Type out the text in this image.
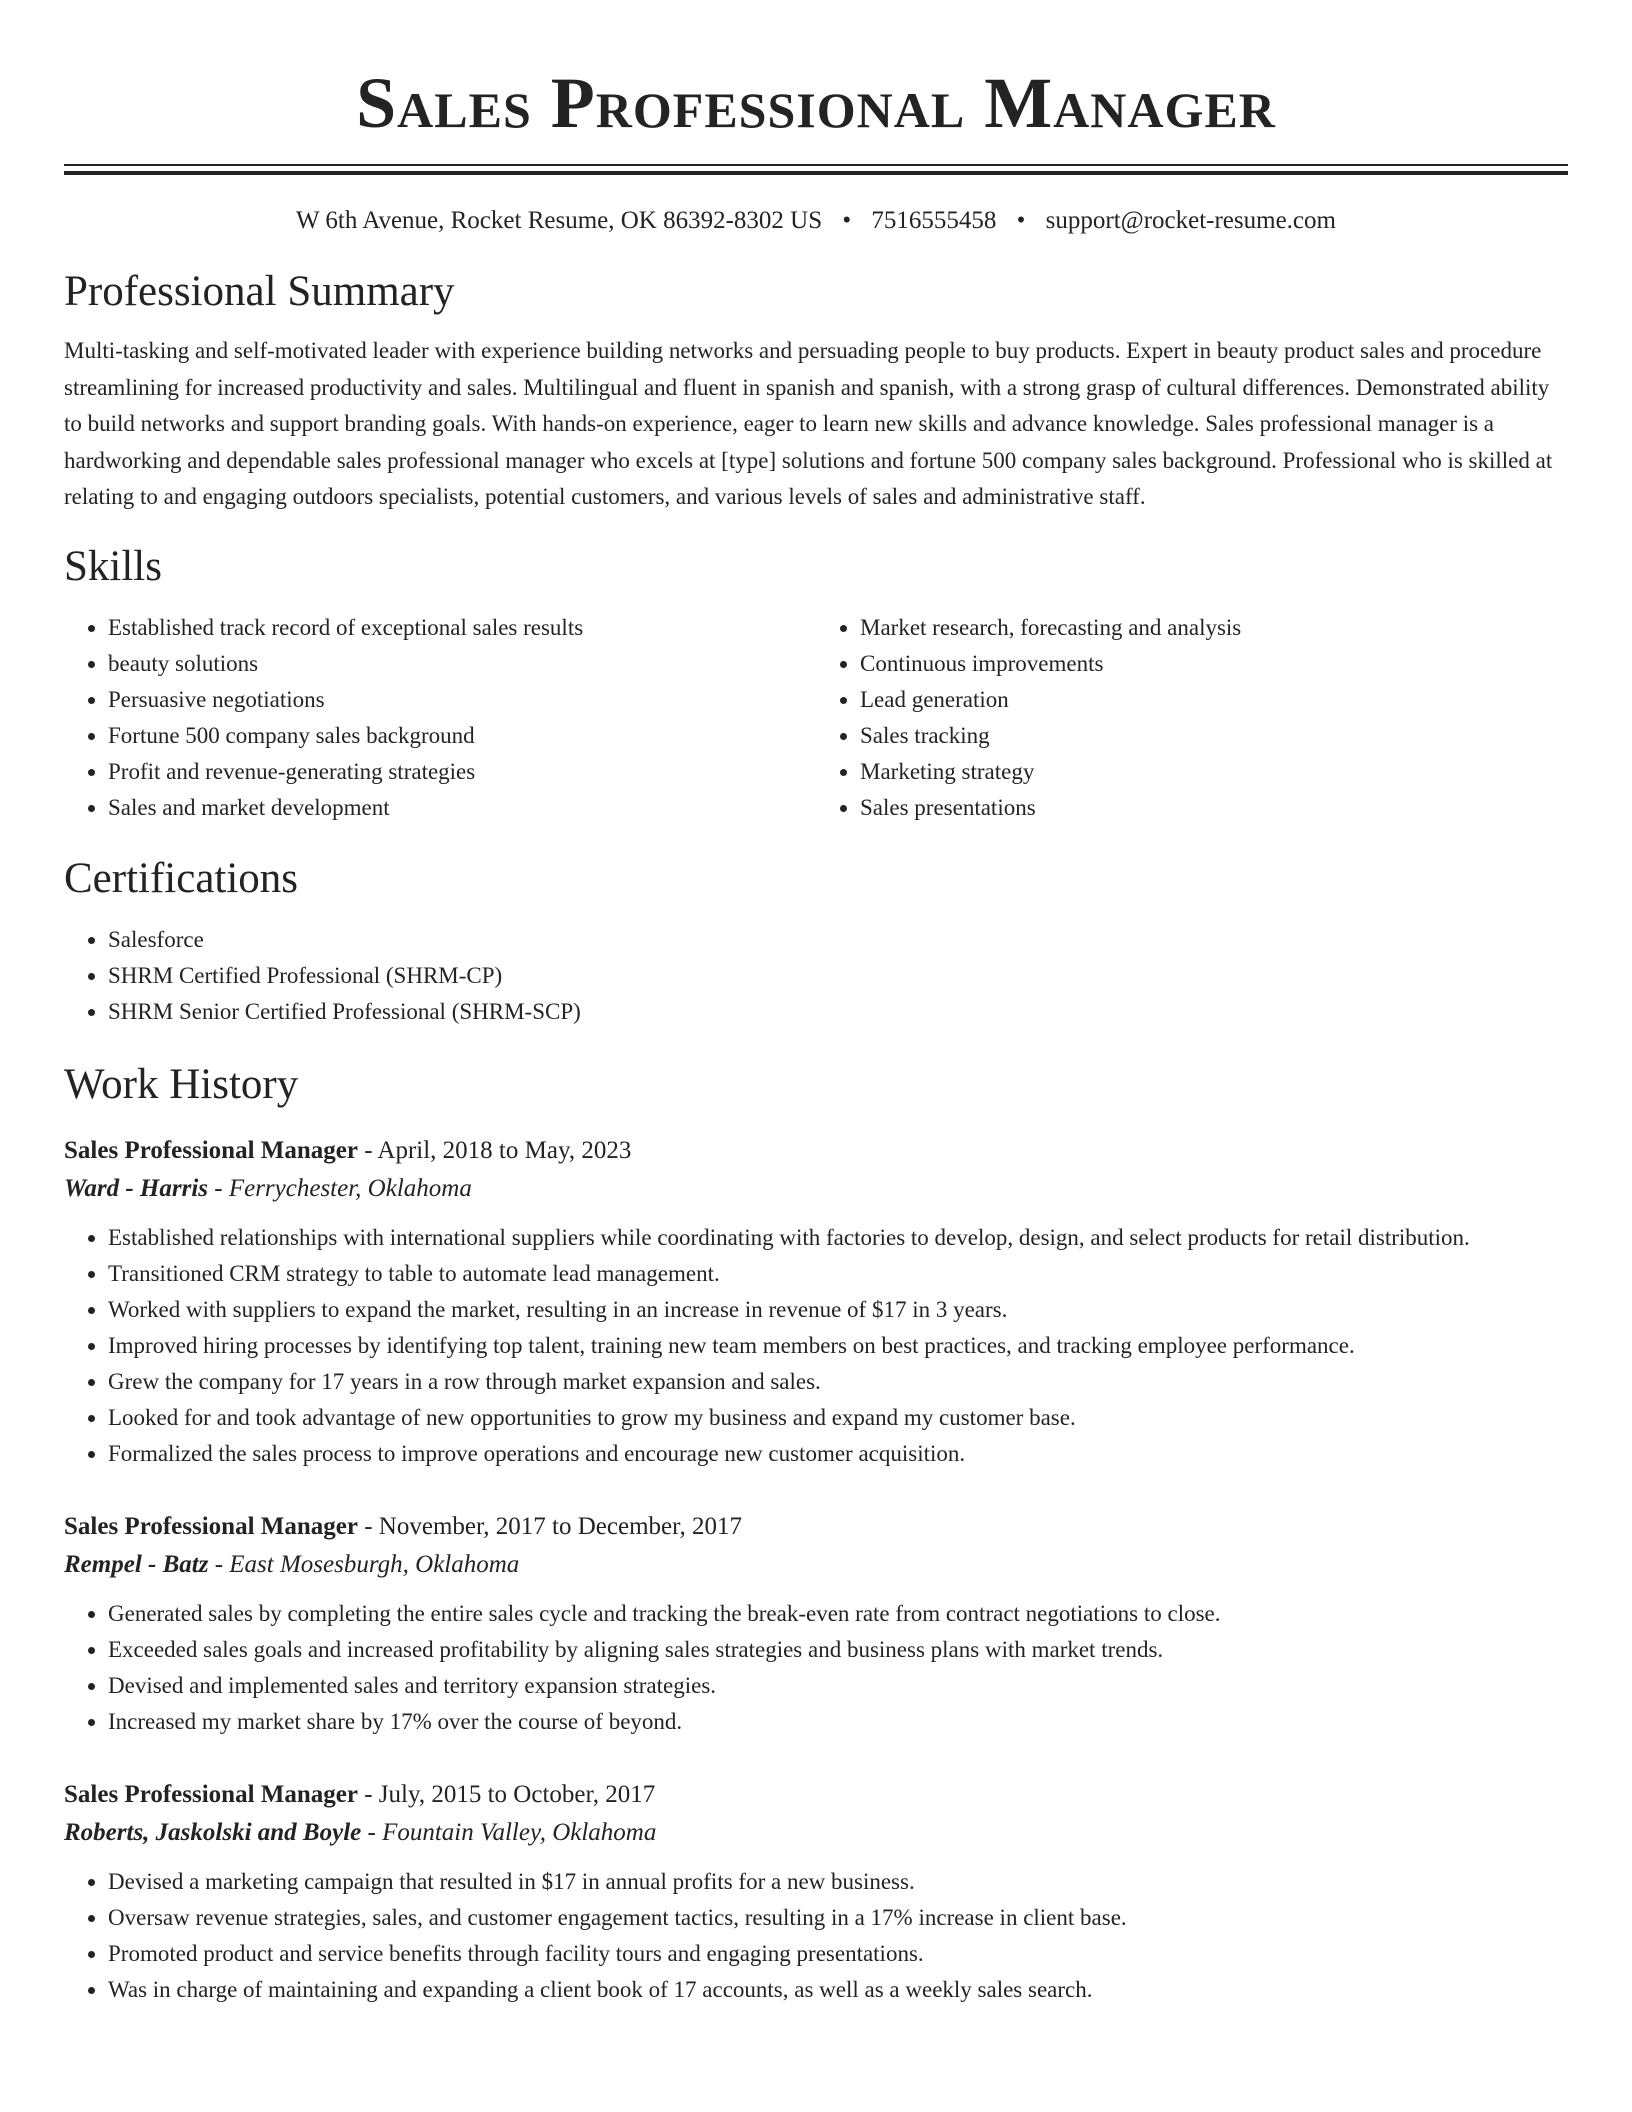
Sales Professional Manager
W 6th Avenue, Rocket Resume, OK 86392-8302 US • 7516555458 • support@rocket-resume.com
Professional Summary
Multi-tasking and self-motivated leader with experience building networks and persuading people to buy products. Expert in beauty product sales and procedure streamlining for increased productivity and sales. Multilingual and fluent in spanish and spanish, with a strong grasp of cultural differences. Demonstrated ability to build networks and support branding goals. With hands-on experience, eager to learn new skills and advance knowledge. Sales professional manager is a hardworking and dependable sales professional manager who excels at [type] solutions and fortune 500 company sales background. Professional who is skilled at relating to and engaging outdoors specialists, potential customers, and various levels of sales and administrative staff.
Skills
• Established track record of exceptional sales results
• beauty solutions
• Persuasive negotiations
• Fortune 500 company sales background
• Profit and revenue-generating strategies
• Sales and market development
• Market research, forecasting and analysis
• Continuous improvements
• Lead generation
• Sales tracking
• Marketing strategy
• Sales presentations
Certifications
• Salesforce
• SHRM Certified Professional (SHRM-CP)
• SHRM Senior Certified Professional (SHRM-SCP)
Work History
Sales Professional Manager - April, 2018 to May, 2023
Ward - Harris - Ferrychester, Oklahoma
• Established relationships with international suppliers while coordinating with factories to develop, design, and select products for retail distribution.
• Transitioned CRM strategy to table to automate lead management.
• Worked with suppliers to expand the market, resulting in an increase in revenue of $17 in 3 years.
• Improved hiring processes by identifying top talent, training new team members on best practices, and tracking employee performance.
• Grew the company for 17 years in a row through market expansion and sales.
• Looked for and took advantage of new opportunities to grow my business and expand my customer base.
• Formalized the sales process to improve operations and encourage new customer acquisition.
Sales Professional Manager - November, 2017 to December, 2017
Rempel - Batz - East Mosesburgh, Oklahoma
• Generated sales by completing the entire sales cycle and tracking the break-even rate from contract negotiations to close.
• Exceeded sales goals and increased profitability by aligning sales strategies and business plans with market trends.
• Devised and implemented sales and territory expansion strategies.
• Increased my market share by 17% over the course of beyond.
Sales Professional Manager - July, 2015 to October, 2017
Roberts, Jaskolski and Boyle - Fountain Valley, Oklahoma
• Devised a marketing campaign that resulted in $17 in annual profits for a new business.
• Oversaw revenue strategies, sales, and customer engagement tactics, resulting in a 17% increase in client base.
• Promoted product and service benefits through facility tours and engaging presentations.
• Was in charge of maintaining and expanding a client book of 17 accounts, as well as a weekly sales search.
